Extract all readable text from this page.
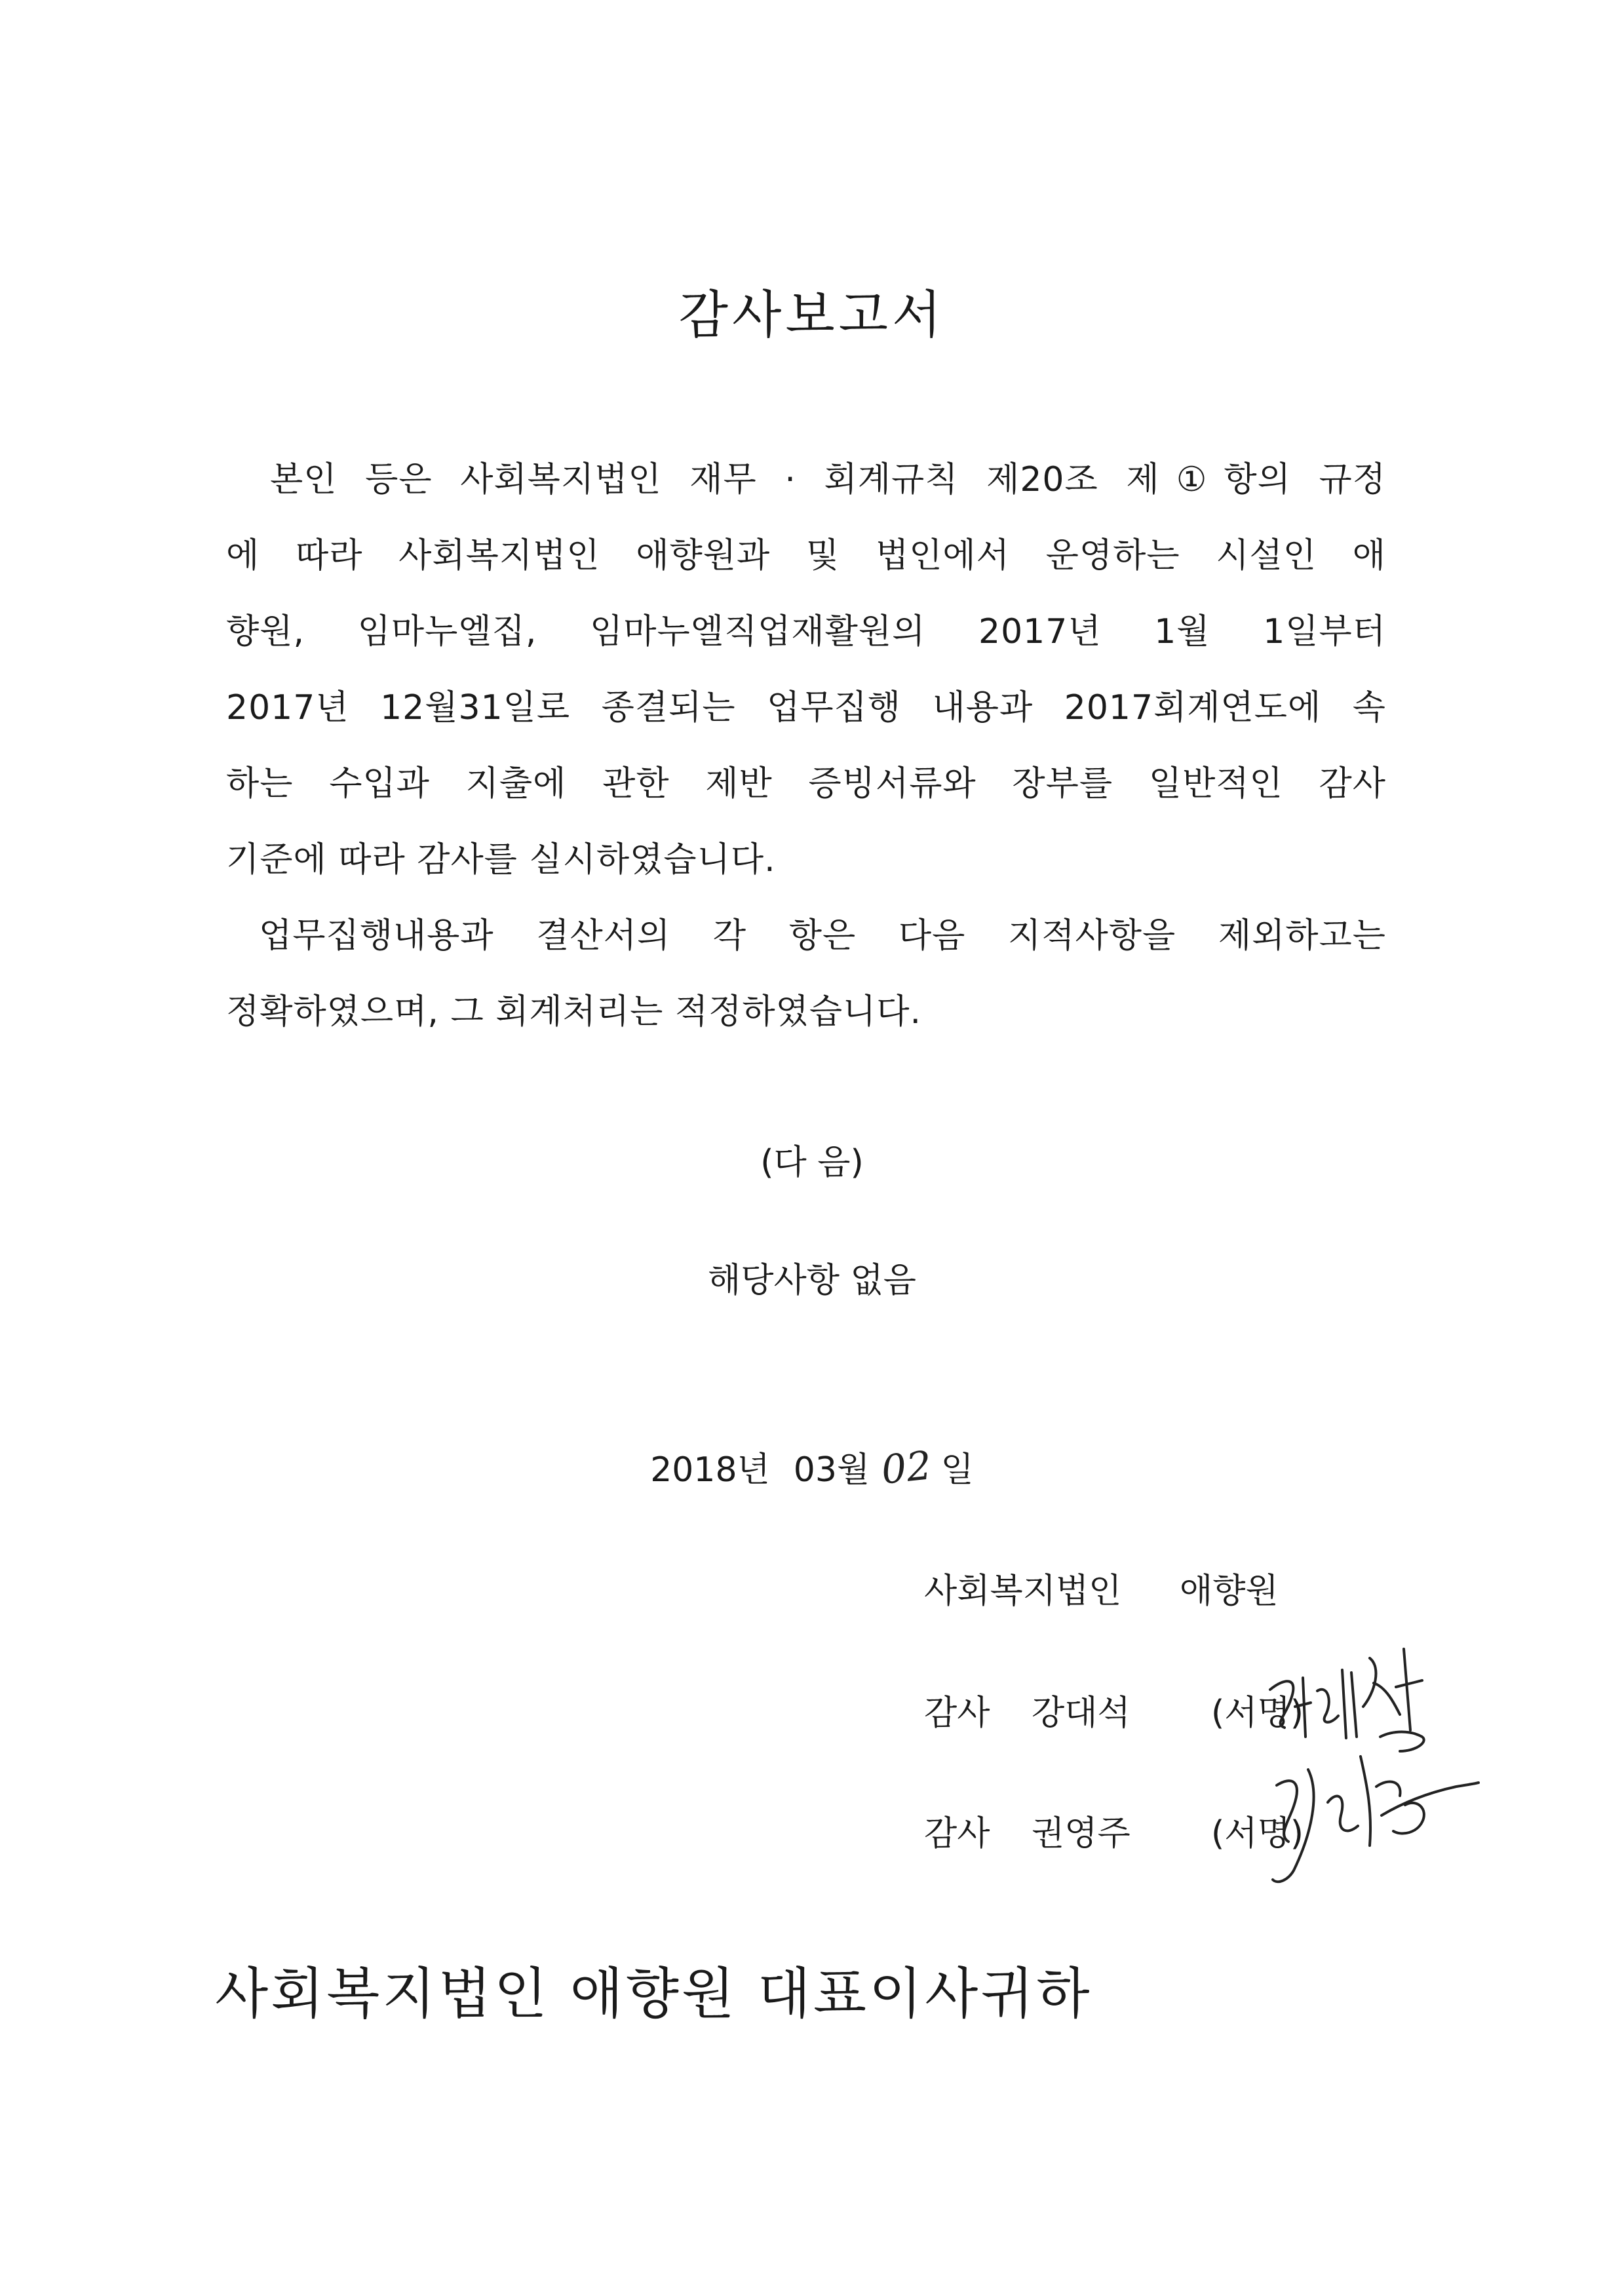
감사보고서
본인 등은 사회복지법인 재무 · 회계규칙 제20조 제①항의 규정
에 따라 사회복지법인 애향원과 및 법인에서 운영하는 시설인 애
향원, 임마누엘집, 임마누엘직업재활원의 2017년 1월 1일부터
2017년 12월31일로 종결되는 업무집행 내용과 2017회계연도에 속
하는 수입과 지출에 관한 제반 증빙서류와 장부를 일반적인 감사
기준에 따라 감사를 실시하였습니다.
업무집행내용과 결산서의 각 항은 다음 지적사항을 제외하고는
정확하였으며, 그 회계처리는 적정하였습니다.
(다 음)
해당사항 없음
2018년 03월 02 일
사회복지법인 애향원
감사 강대석 (서명)
감사 권영주 (서명)
사회복지법인 애향원 대표이사귀하
